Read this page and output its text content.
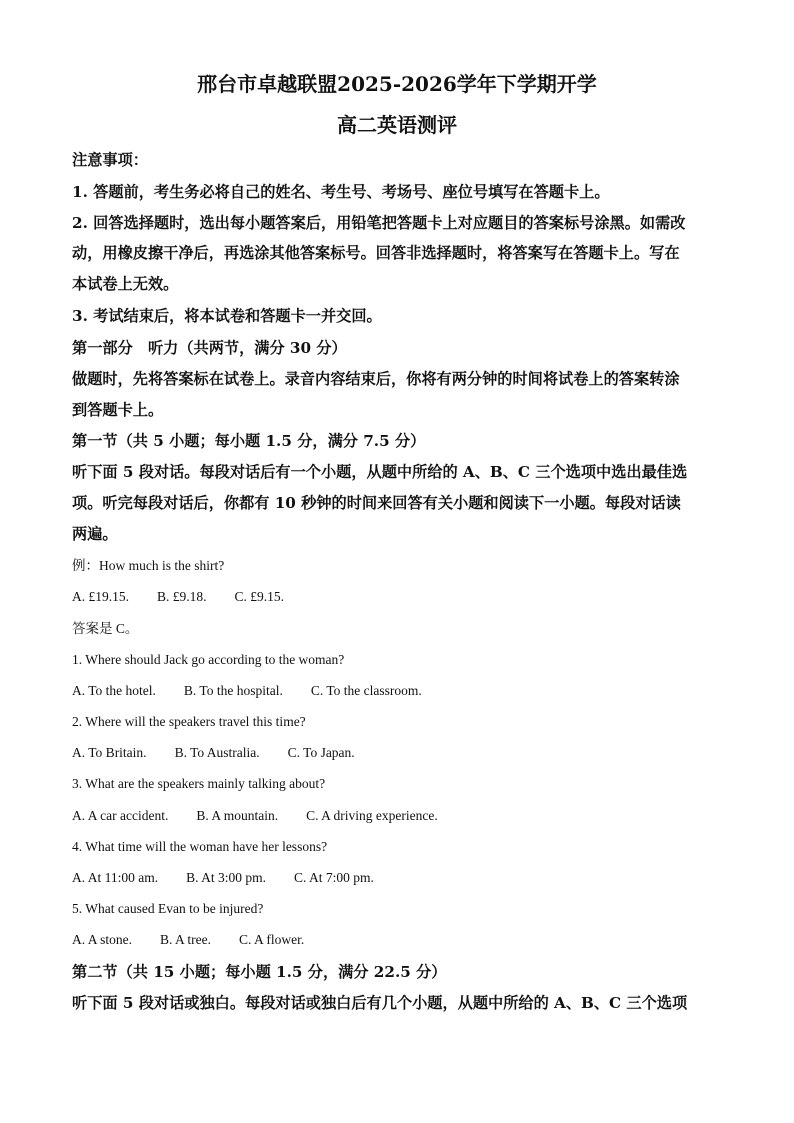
邢台市卓越联盟2025-2026学年下学期开学
高二英语测评
注意事项：
1. 答题前，考生务必将自己的姓名、考生号、考场号、座位号填写在答题卡上。
2. 回答选择题时，选出每小题答案后，用铅笔把答题卡上对应题目的答案标号涂黑。如需改
动，用橡皮擦干净后，再选涂其他答案标号。回答非选择题时，将答案写在答题卡上。写在
本试卷上无效。
3. 考试结束后，将本试卷和答题卡一并交回。
第一部分　听力（共两节，满分 30 分）
做题时，先将答案标在试卷上。录音内容结束后，你将有两分钟的时间将试卷上的答案转涂
到答题卡上。
第一节（共 5 小题；每小题 1.5 分，满分 7.5 分）
听下面 5 段对话。每段对话后有一个小题，从题中所给的 A、B、C 三个选项中选出最佳选
项。听完每段对话后，你都有 10 秒钟的时间来回答有关小题和阅读下一小题。每段对话读
两遍。
例：How much is the shirt?
A. £19.15. B. £9.18. C. £9.15.
答案是 C。
1. Where should Jack go according to the woman?
A. To the hotel. B. To the hospital. C. To the classroom.
2. Where will the speakers travel this time?
A. To Britain. B. To Australia. C. To Japan.
3. What are the speakers mainly talking about?
A. A car accident. B. A mountain. C. A driving experience.
4. What time will the woman have her lessons?
A. At 11:00 am. B. At 3:00 pm. C. At 7:00 pm.
5. What caused Evan to be injured?
A. A stone. B. A tree. C. A flower.
第二节（共 15 小题；每小题 1.5 分，满分 22.5 分）
听下面 5 段对话或独白。每段对话或独白后有几个小题，从题中所给的 A、B、C 三个选项
